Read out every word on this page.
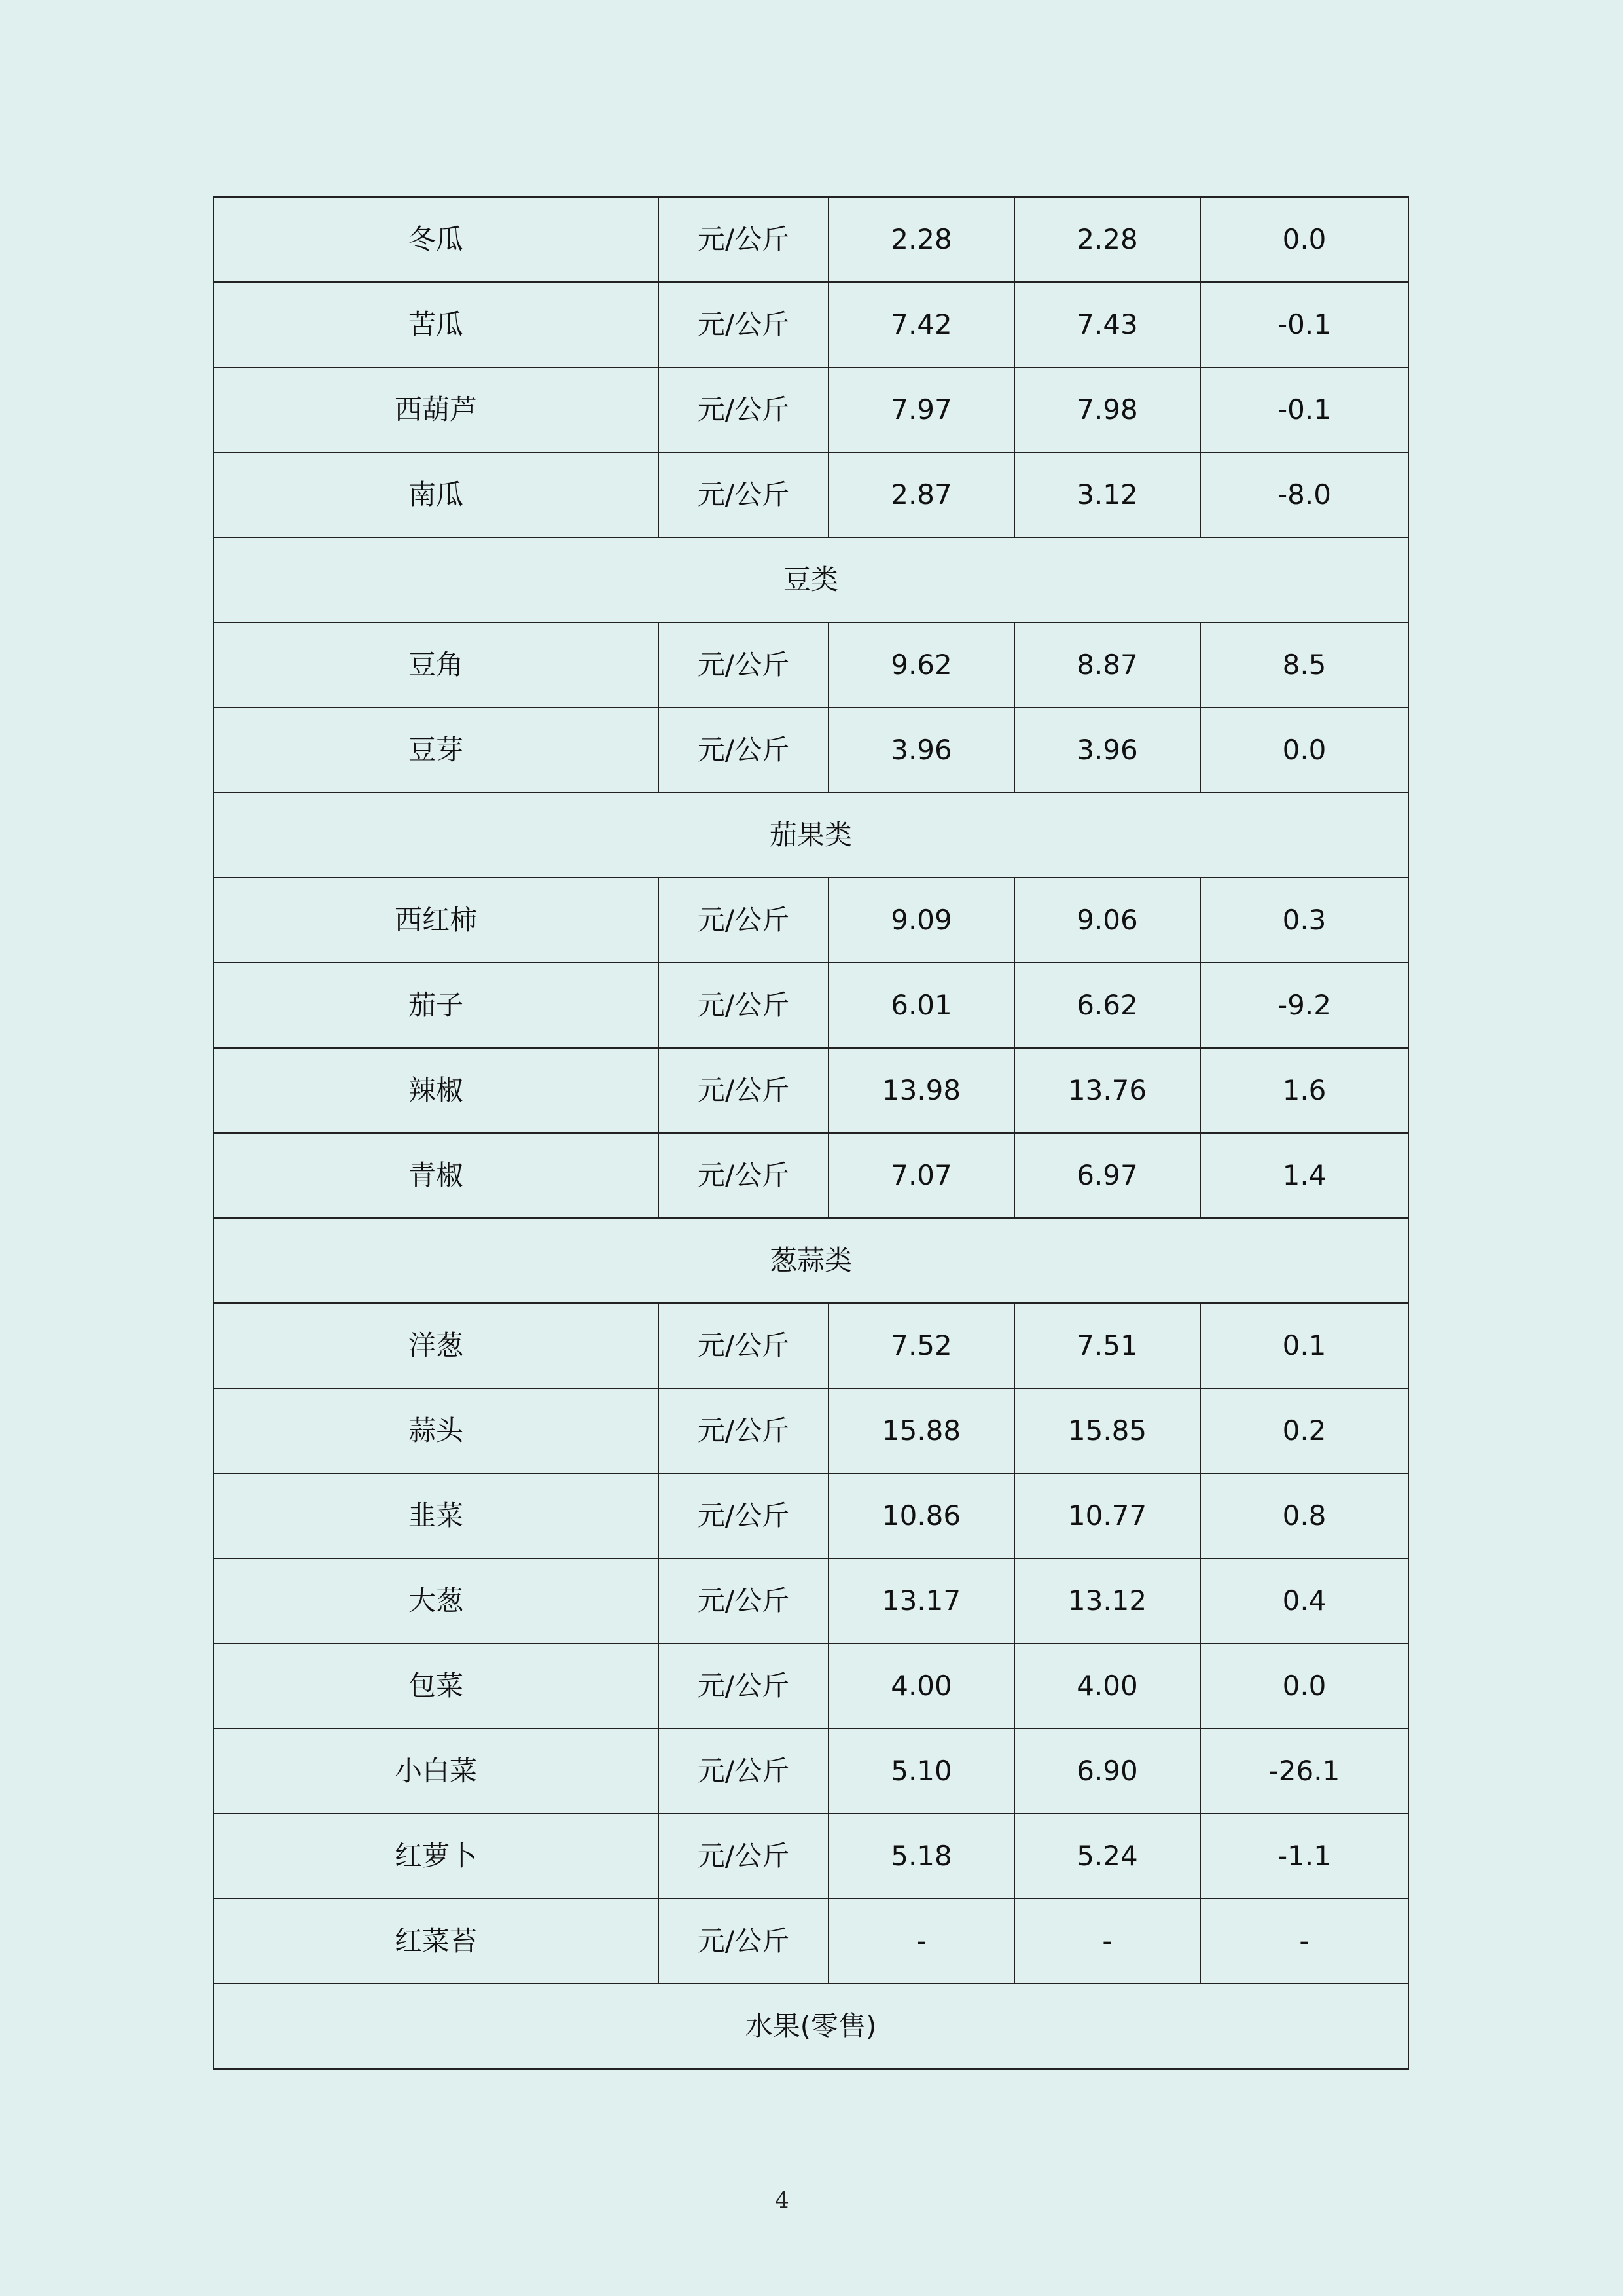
冬瓜	元/公斤	2.28	2.28	0.0
苦瓜	元/公斤	7.42	7.43	-0.1
西葫芦	元/公斤	7.97	7.98	-0.1
南瓜	元/公斤	2.87	3.12	-8.0
豆类				
豆角	元/公斤	9.62	8.87	8.5
豆芽	元/公斤	3.96	3.96	0.0
茄果类				
西红柿	元/公斤	9.09	9.06	0.3
茄子	元/公斤	6.01	6.62	-9.2
辣椒	元/公斤	13.98	13.76	1.6
青椒	元/公斤	7.07	6.97	1.4
葱蒜类				
洋葱	元/公斤	7.52	7.51	0.1
蒜头	元/公斤	15.88	15.85	0.2
韭菜	元/公斤	10.86	10.77	0.8
大葱	元/公斤	13.17	13.12	0.4
包菜	元/公斤	4.00	4.00	0.0
小白菜	元/公斤	5.10	6.90	-26.1
红萝卜	元/公斤	5.18	5.24	-1.1
红菜苔	元/公斤	-	-	-
水果(零售)				
4
